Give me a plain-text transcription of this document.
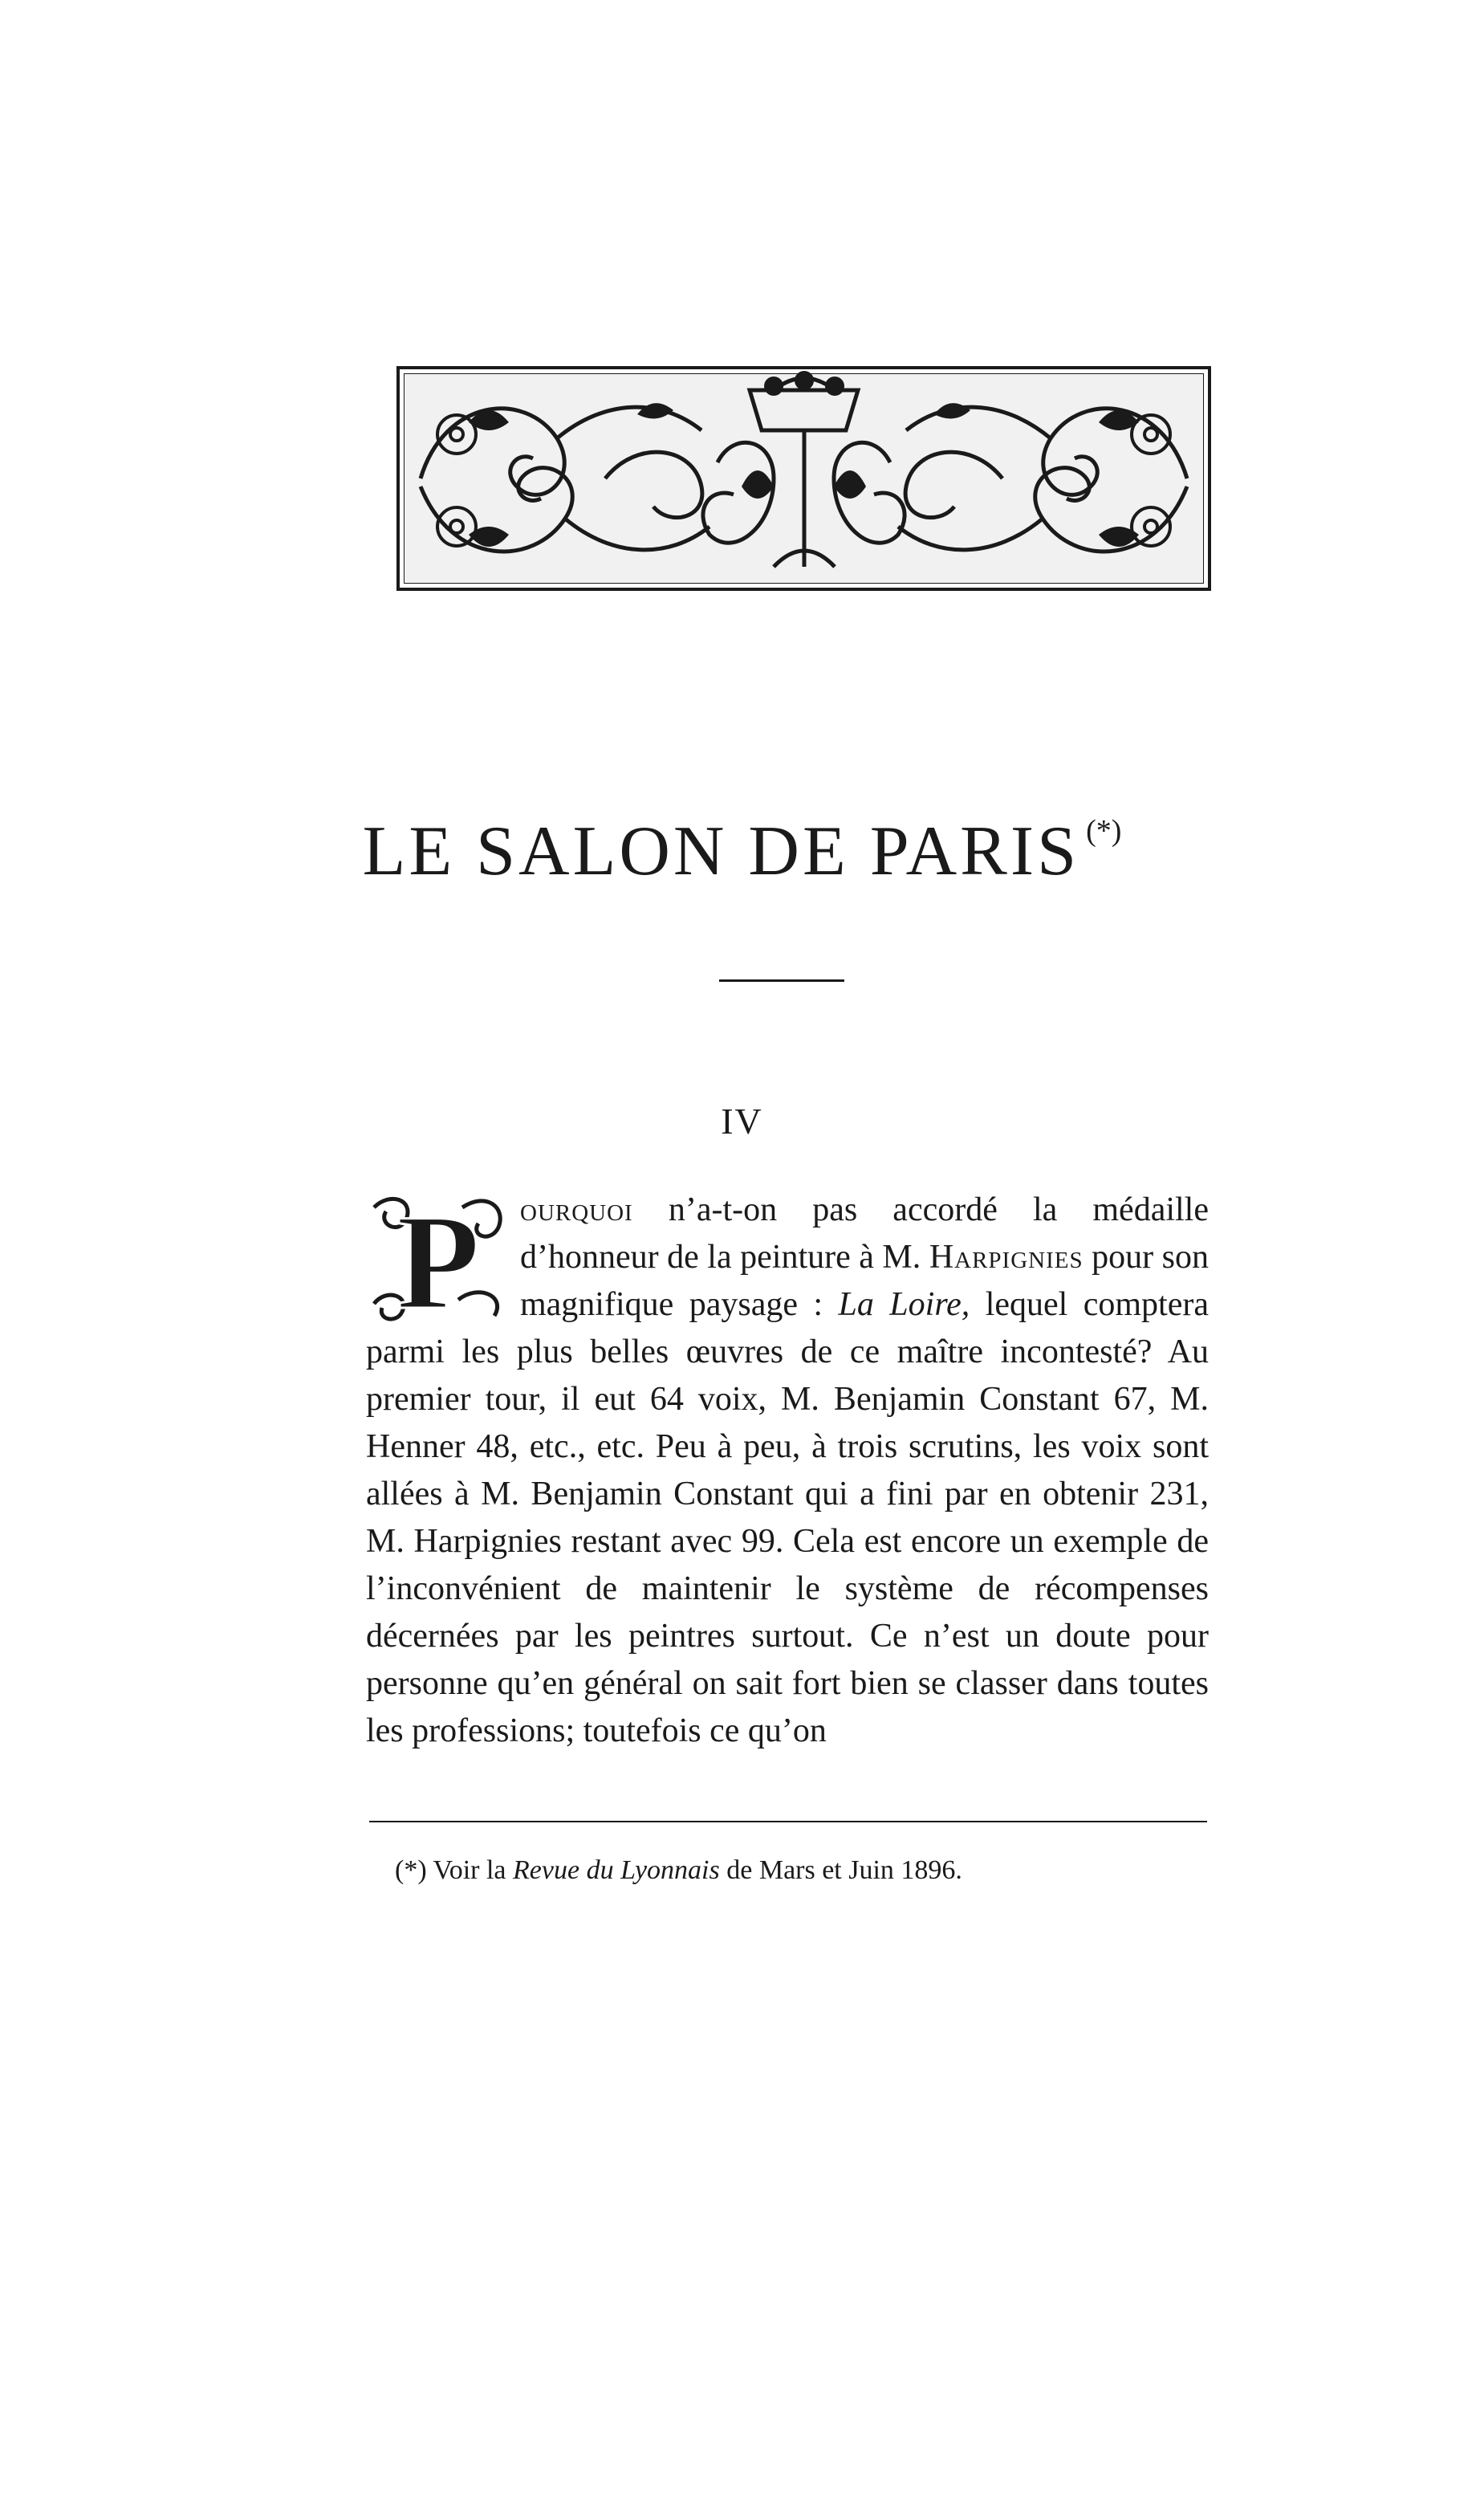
LE SALON DE PARIS (*)
IV
P ourquoi n’a-t-on pas accordé la médaille d’honneur de la peinture à M. Harpignies pour son magnifique paysage : La Loire, lequel comptera parmi les plus belles œuvres de ce maître incontesté? Au premier tour, il eut 64 voix, M. Benjamin Constant 67, M. Henner 48, etc., etc. Peu à peu, à trois scrutins, les voix sont allées à M. Benjamin Constant qui a fini par en obtenir 231, M. Harpignies restant avec 99. Cela est encore un exemple de l’inconvénient de maintenir le système de récompenses décernées par les peintres surtout. Ce n’est un doute pour personne qu’en général on sait fort bien se classer dans toutes les professions; toutefois ce qu’on
(*) Voir la Revue du Lyonnais de Mars et Juin 1896.
